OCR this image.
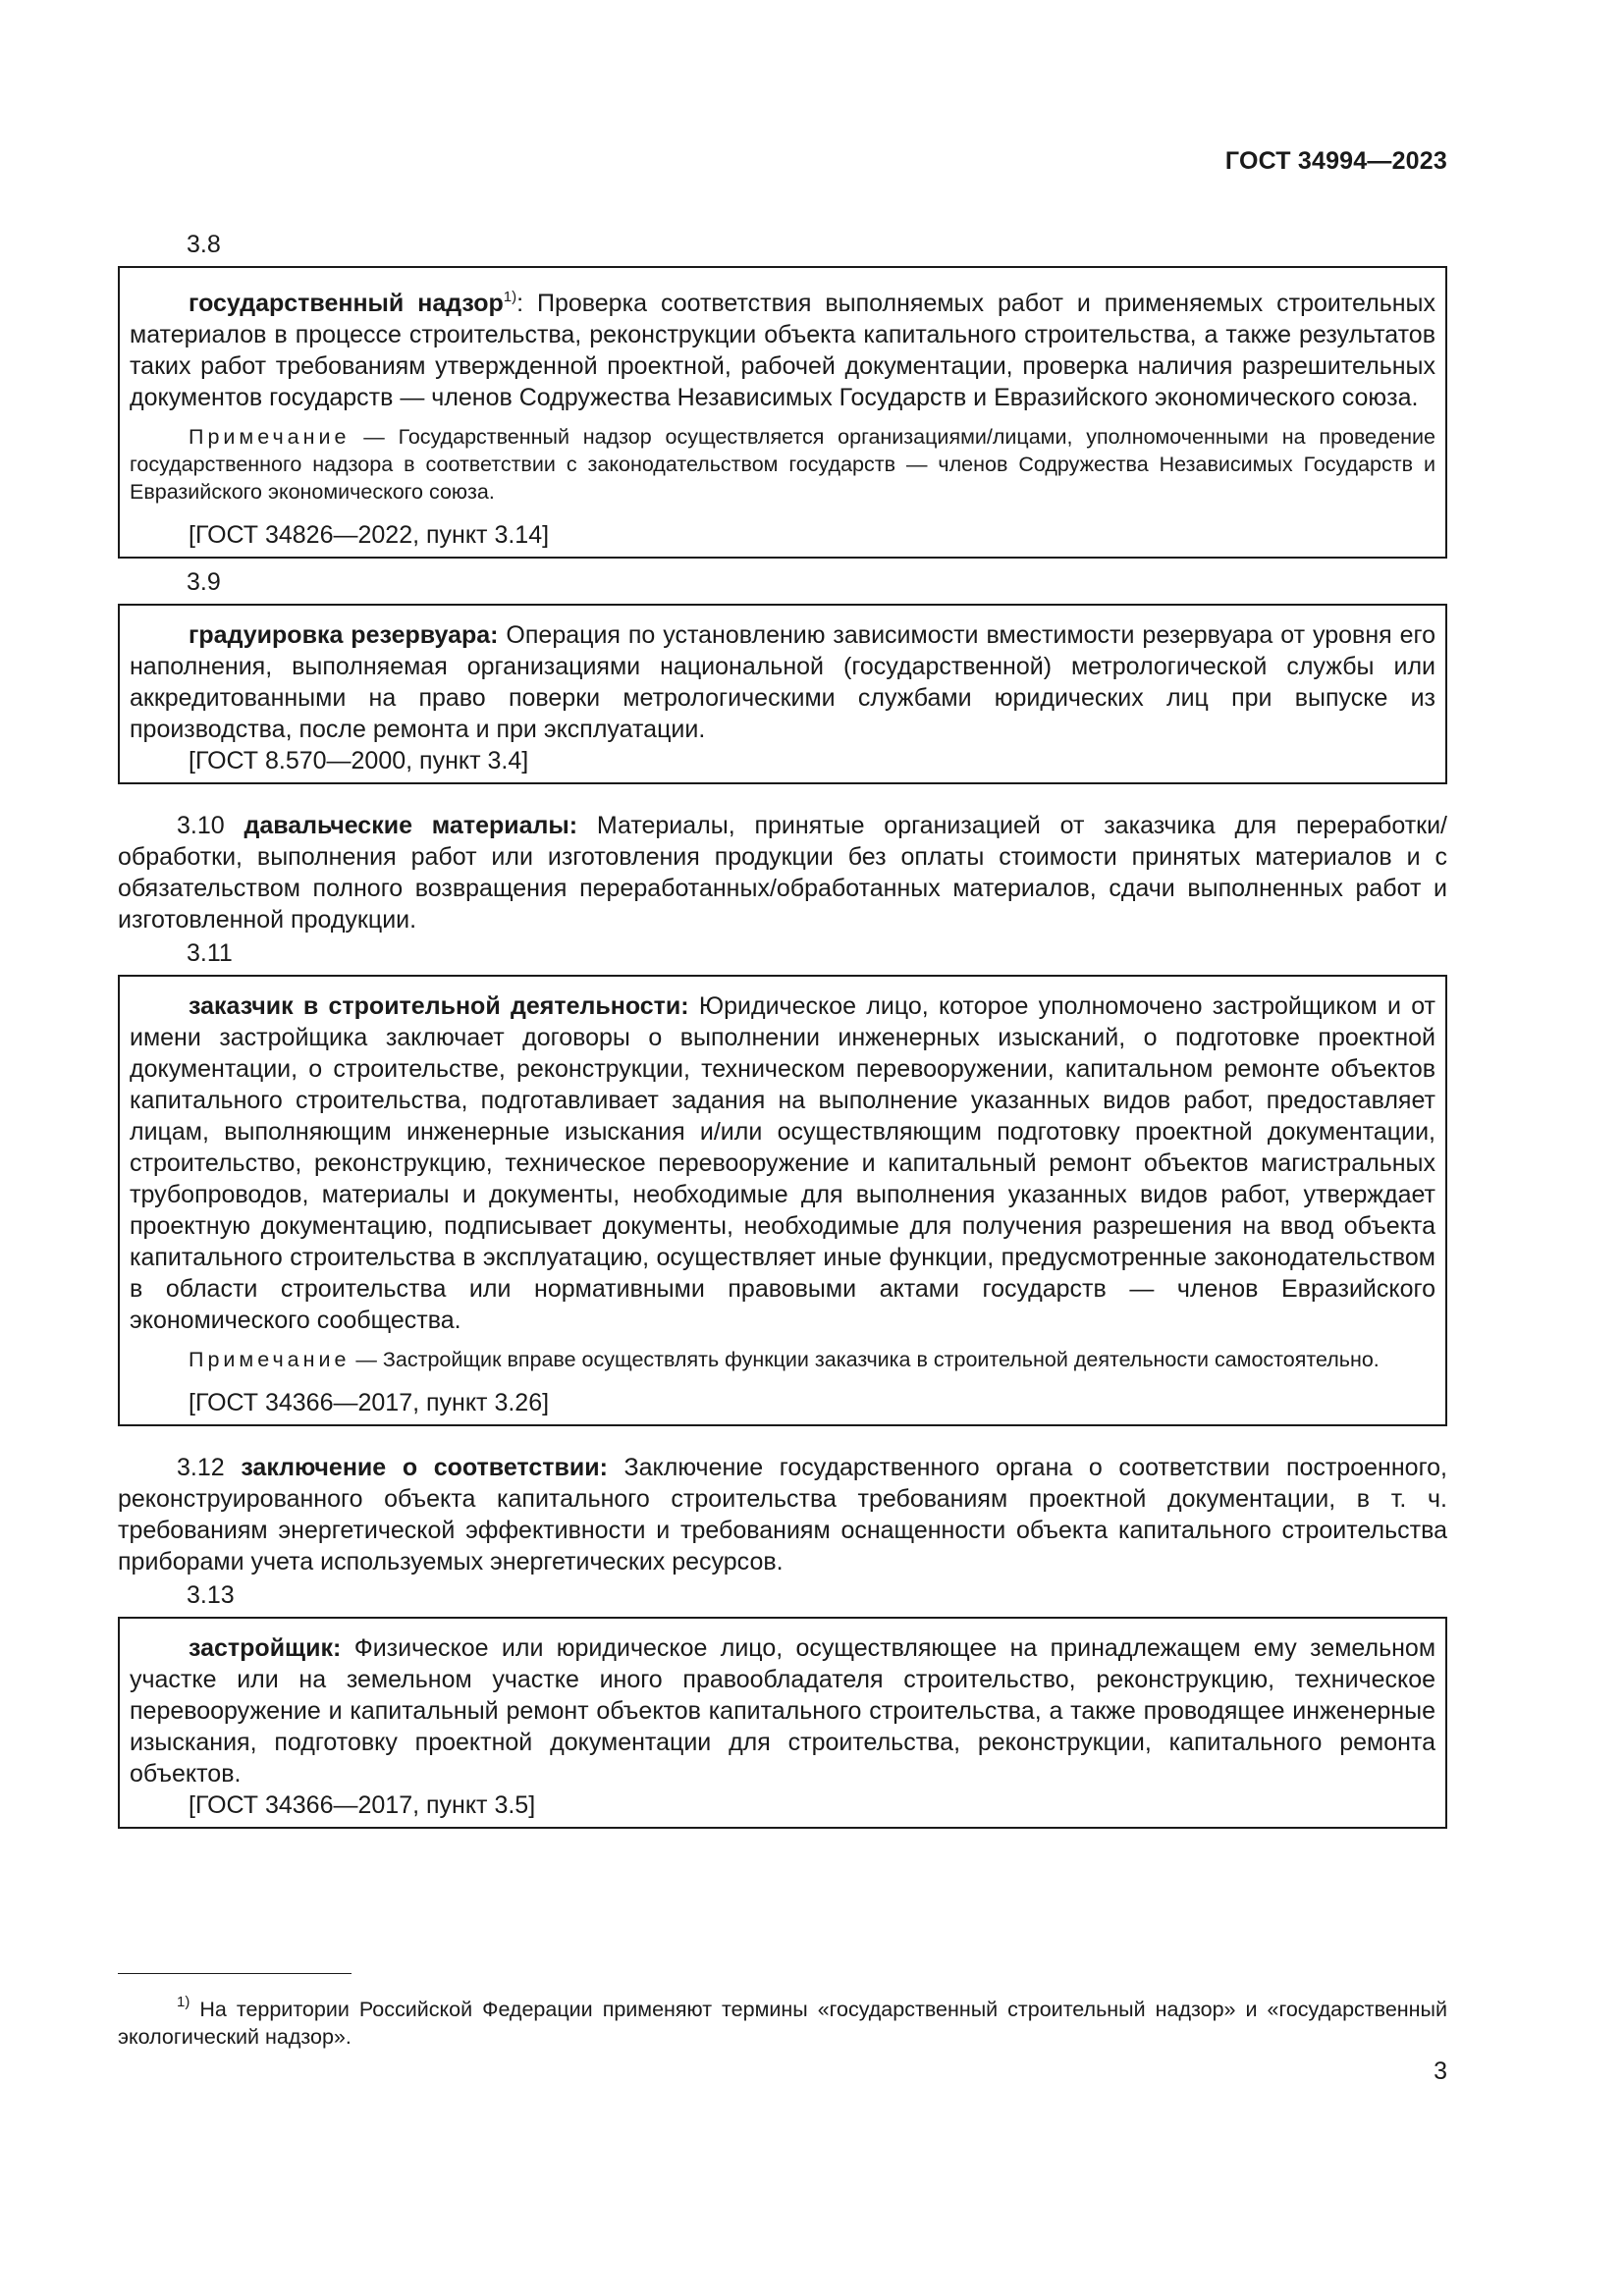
ГОСТ 34994—2023
3.8

государственный надзор$^{1)}$: Проверка соответствия выполняемых работ и применяемых строительных материалов в процессе строительства, реконструкции объекта капитального строительства, а также результатов таких работ требованиям утвержденной проектной, рабочей документации, проверка наличия разрешительных документов государств — членов Содружества Независимых Государств и Евразийского экономического союза.

Примечание — Государственный надзор осуществляется организациями/лицами, уполномоченными на проведение государственного надзора в соответствии с законодательством государств — членов Содружества Независимых Государств и Евразийского экономического союза.

[ГОСТ 34826—2022, пункт 3.14]

3.9

градуировка резервуара: Операция по установлению зависимости вместимости резервуара от уровня его наполнения, выполняемая организациями национальной (государственной) метрологической службы или аккредитованными на право поверки метрологическими службами юридических лиц при выпуске из производства, после ремонта и при эксплуатации.

[ГОСТ 8.570—2000, пункт 3.4]

3.10 давальческие материалы: Материалы, принятые организацией от заказчика для переработки/обработки, выполнения работ или изготовления продукции без оплаты стоимости принятых материалов и с обязательством полного возвращения переработанных/обработанных материалов, сдачи выполненных работ и изготовленной продукции.

3.11

заказчик в строительной деятельности: Юридическое лицо, которое уполномочено застройщиком и от имени застройщика заключает договоры о выполнении инженерных изысканий, о подготовке проектной документации, о строительстве, реконструкции, техническом перевооружении, капитальном ремонте объектов капитального строительства, подготавливает задания на выполнение указанных видов работ, предоставляет лицам, выполняющим инженерные изыскания и/или осуществляющим подготовку проектной документации, строительство, реконструкцию, техническое перевооружение и капитальный ремонт объектов магистральных трубопроводов, материалы и документы, необходимые для выполнения указанных видов работ, утверждает проектную документацию, подписывает документы, необходимые для получения разрешения на ввод объекта капитального строительства в эксплуатацию, осуществляет иные функции, предусмотренные законодательством в области строительства или нормативными правовыми актами государств — членов Евразийского экономического сообщества.

Примечание — Застройщик вправе осуществлять функции заказчика в строительной деятельности самостоятельно.

[ГОСТ 34366—2017, пункт 3.26]

3.12 заключение о соответствии: Заключение государственного органа о соответствии построенного, реконструированного объекта капитального строительства требованиям проектной документации, в т. ч. требованиям энергетической эффективности и требованиям оснащенности объекта капитального строительства приборами учета используемых энергетических ресурсов.

3.13

застройщик: Физическое или юридическое лицо, осуществляющее на принадлежащем ему земельном участке или на земельном участке иного правообладателя строительство, реконструкцию, техническое перевооружение и капитальный ремонт объектов капитального строительства, а также проводящее инженерные изыскания, подготовку проектной документации для строительства, реконструкции, капитального ремонта объектов.

[ГОСТ 34366—2017, пункт 3.5]

$^{1)}$ На территории Российской Федерации применяют термины «государственный строительный надзор» и «государственный экологический надзор».
3
